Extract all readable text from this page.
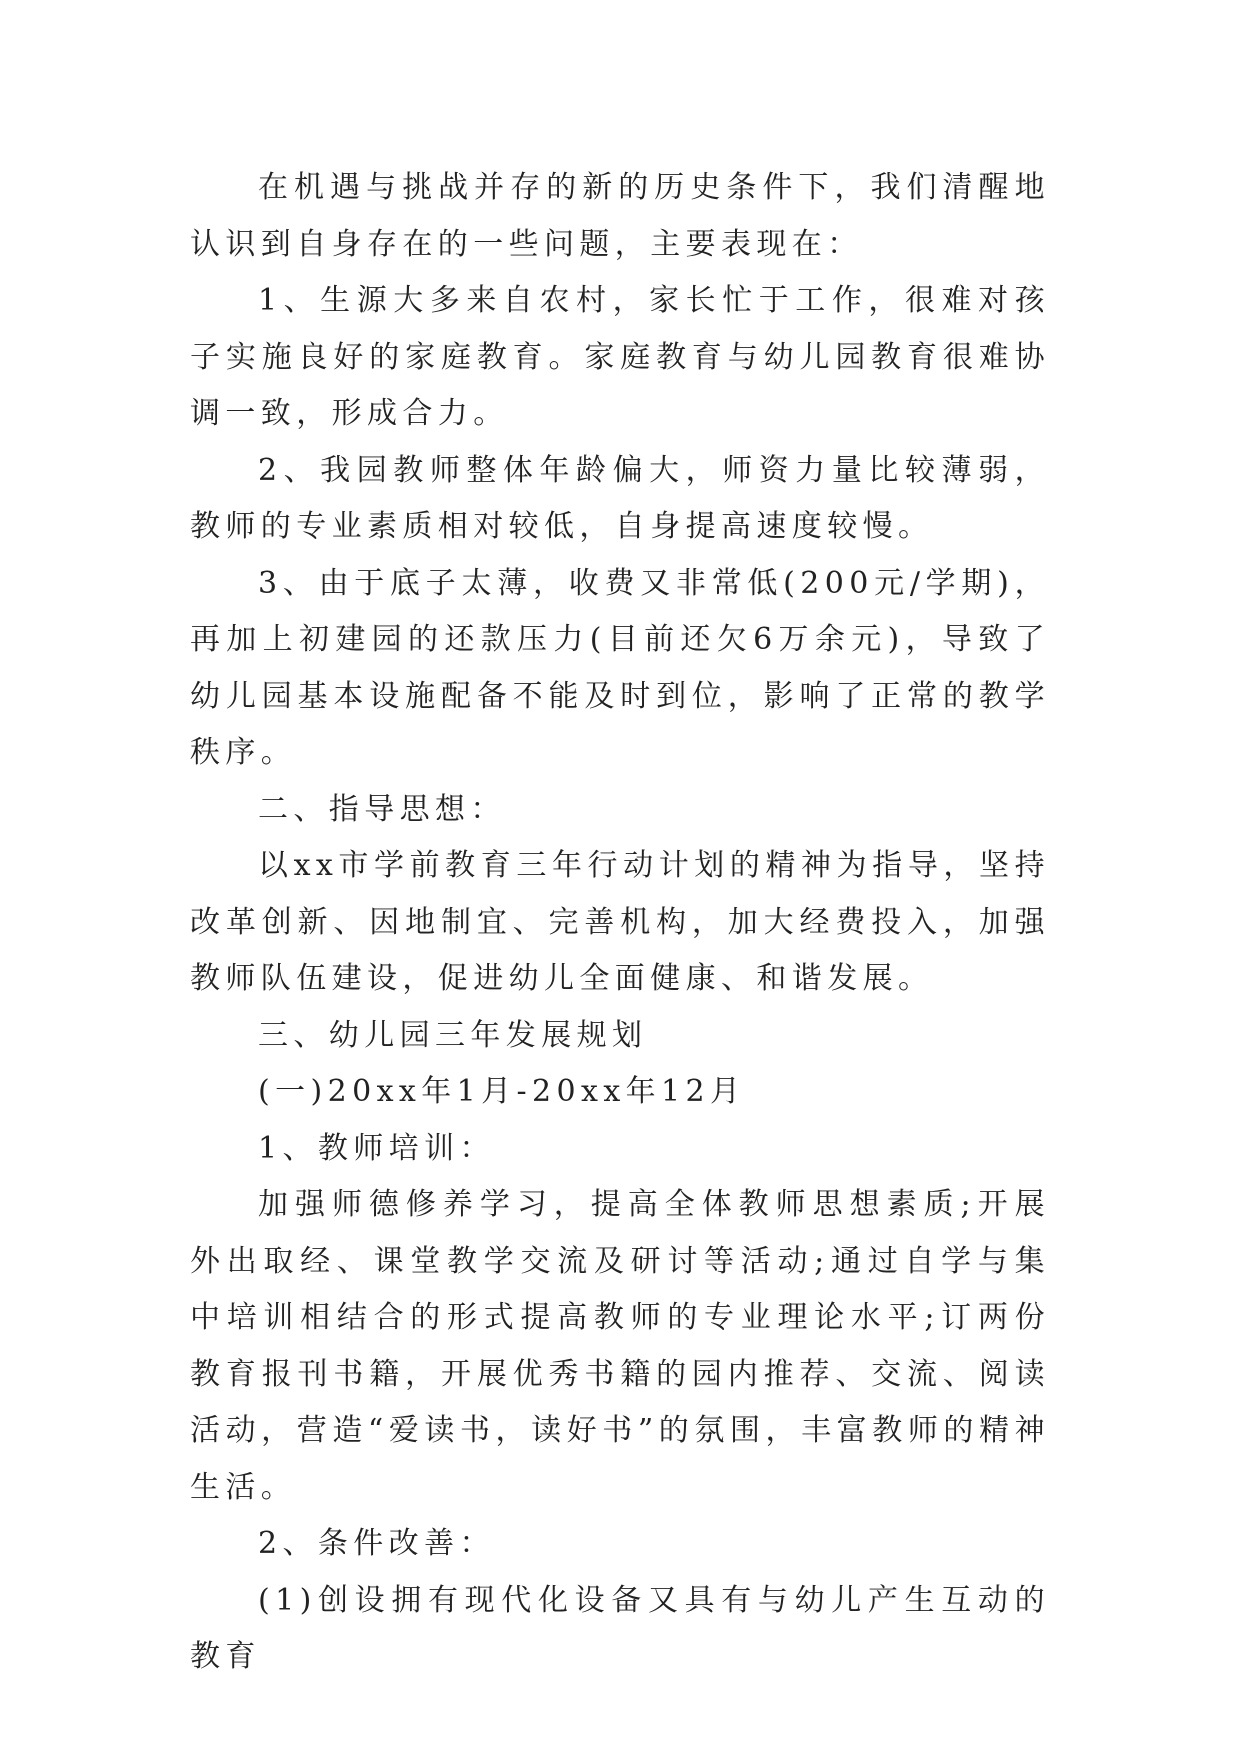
在机遇与挑战并存的新的历史条件下，我们清醒地认识到自身存在的一些问题，主要表现在：

1、生源大多来自农村，家长忙于工作，很难对孩子实施良好的家庭教育。家庭教育与幼儿园教育很难协调一致，形成合力。

2、我园教师整体年龄偏大，师资力量比较薄弱，教师的专业素质相对较低，自身提高速度较慢。

3、由于底子太薄，收费又非常低(200元/学期)，再加上初建园的还款压力(目前还欠6万余元)，导致了幼儿园基本设施配备不能及时到位，影响了正常的教学秩序。

二、指导思想：

以xx市学前教育三年行动计划的精神为指导，坚持改革创新、因地制宜、完善机构，加大经费投入，加强教师队伍建设，促进幼儿全面健康、和谐发展。

三、幼儿园三年发展规划

(一)20xx年1月-20xx年12月

1、教师培训：

加强师德修养学习，提高全体教师思想素质;开展外出取经、课堂教学交流及研讨等活动;通过自学与集中培训相结合的形式提高教师的专业理论水平;订两份教育报刊书籍，开展优秀书籍的园内推荐、交流、阅读活动，营造“爱读书，读好书”的氛围，丰富教师的精神生活。

2、条件改善：

(1)创设拥有现代化设备又具有与幼儿产生互动的教育
